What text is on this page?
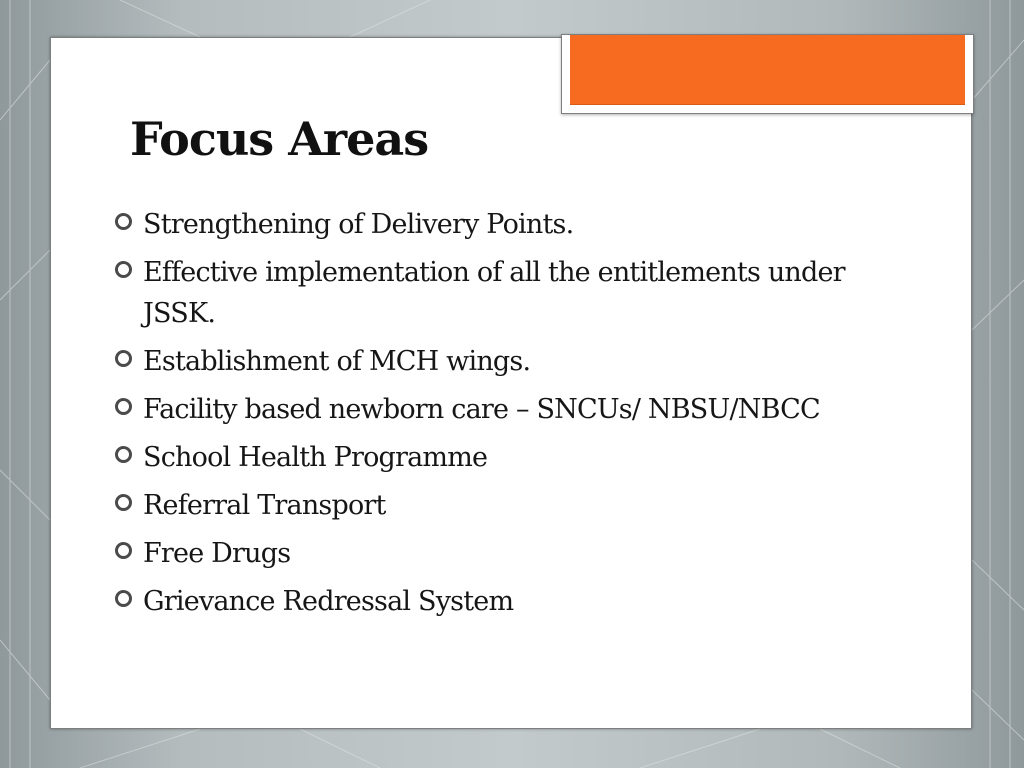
Focus Areas
Strengthening of Delivery Points.
Effective implementation of all the entitlements under JSSK.
Establishment of MCH wings.
Facility based newborn care – SNCUs/ NBSU/NBCC
School Health Programme
Referral Transport
Free Drugs
Grievance Redressal System
